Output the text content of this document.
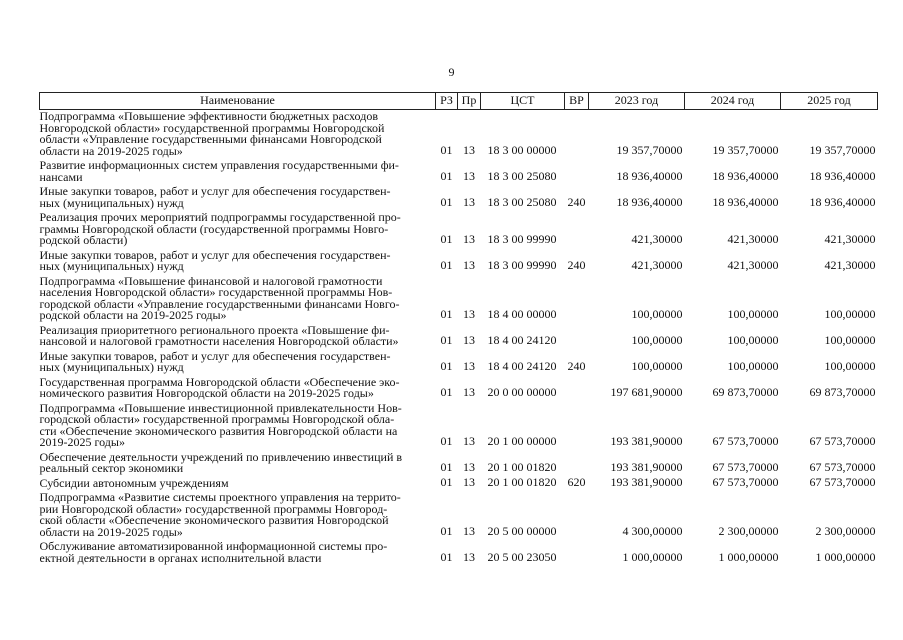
9
Наименование	РЗ	Пр	ЦСТ	ВР	2023 год	2024 год	2025 год

Подпрограмма «Повышение эффективности бюджетных расходов
Новгородской области» государственной программы Новгородской
области «Управление государственными финансами Новгородской
области на 2019-2025 годы»	01	13	18 3 00 00000		19 357,70000	19 357,70000	19 357,70000

Развитие информационных систем управления государственными фи-
нансами	01	13	18 3 00 25080		18 936,40000	18 936,40000	18 936,40000

Иные закупки товаров, работ и услуг для обеспечения государствен-
ных (муниципальных) нужд	01	13	18 3 00 25080	240	18 936,40000	18 936,40000	18 936,40000

Реализация прочих мероприятий подпрограммы государственной про-
граммы Новгородской области (государственной программы Новго-
родской области)	01	13	18 3 00 99990		421,30000	421,30000	421,30000

Иные закупки товаров, работ и услуг для обеспечения государствен-
ных (муниципальных) нужд	01	13	18 3 00 99990	240	421,30000	421,30000	421,30000

Подпрограмма «Повышение финансовой и налоговой грамотности
населения Новгородской области» государственной программы Нов-
городской области «Управление государственными финансами Новго-
родской области на 2019-2025 годы»	01	13	18 4 00 00000		100,00000	100,00000	100,00000

Реализация приоритетного регионального проекта «Повышение фи-
нансовой и налоговой грамотности населения Новгородской области»	01	13	18 4 00 24120		100,00000	100,00000	100,00000

Иные закупки товаров, работ и услуг для обеспечения государствен-
ных (муниципальных) нужд	01	13	18 4 00 24120	240	100,00000	100,00000	100,00000

Государственная программа Новгородской области «Обеспечение эко-
номического развития Новгородской области на 2019-2025 годы»	01	13	20 0 00 00000		197 681,90000	69 873,70000	69 873,70000

Подпрограмма «Повышение инвестиционной привлекательности Нов-
городской области» государственной программы Новгородской обла-
сти «Обеспечение экономического развития Новгородской области на
2019-2025 годы»	01	13	20 1 00 00000		193 381,90000	67 573,70000	67 573,70000

Обеспечение деятельности учреждений по привлечению инвестиций в
реальный сектор экономики	01	13	20 1 00 01820		193 381,90000	67 573,70000	67 573,70000

Субсидии автономным учреждениям	01	13	20 1 00 01820	620	193 381,90000	67 573,70000	67 573,70000

Подпрограмма «Развитие системы проектного управления на террито-
рии Новгородской области» государственной программы Новгород-
ской области «Обеспечение экономического развития Новгородской
области на 2019-2025 годы»	01	13	20 5 00 00000		4 300,00000	2 300,00000	2 300,00000

Обслуживание автоматизированной информационной системы про-
ектной деятельности в органах исполнительной власти	01	13	20 5 00 23050		1 000,00000	1 000,00000	1 000,00000
